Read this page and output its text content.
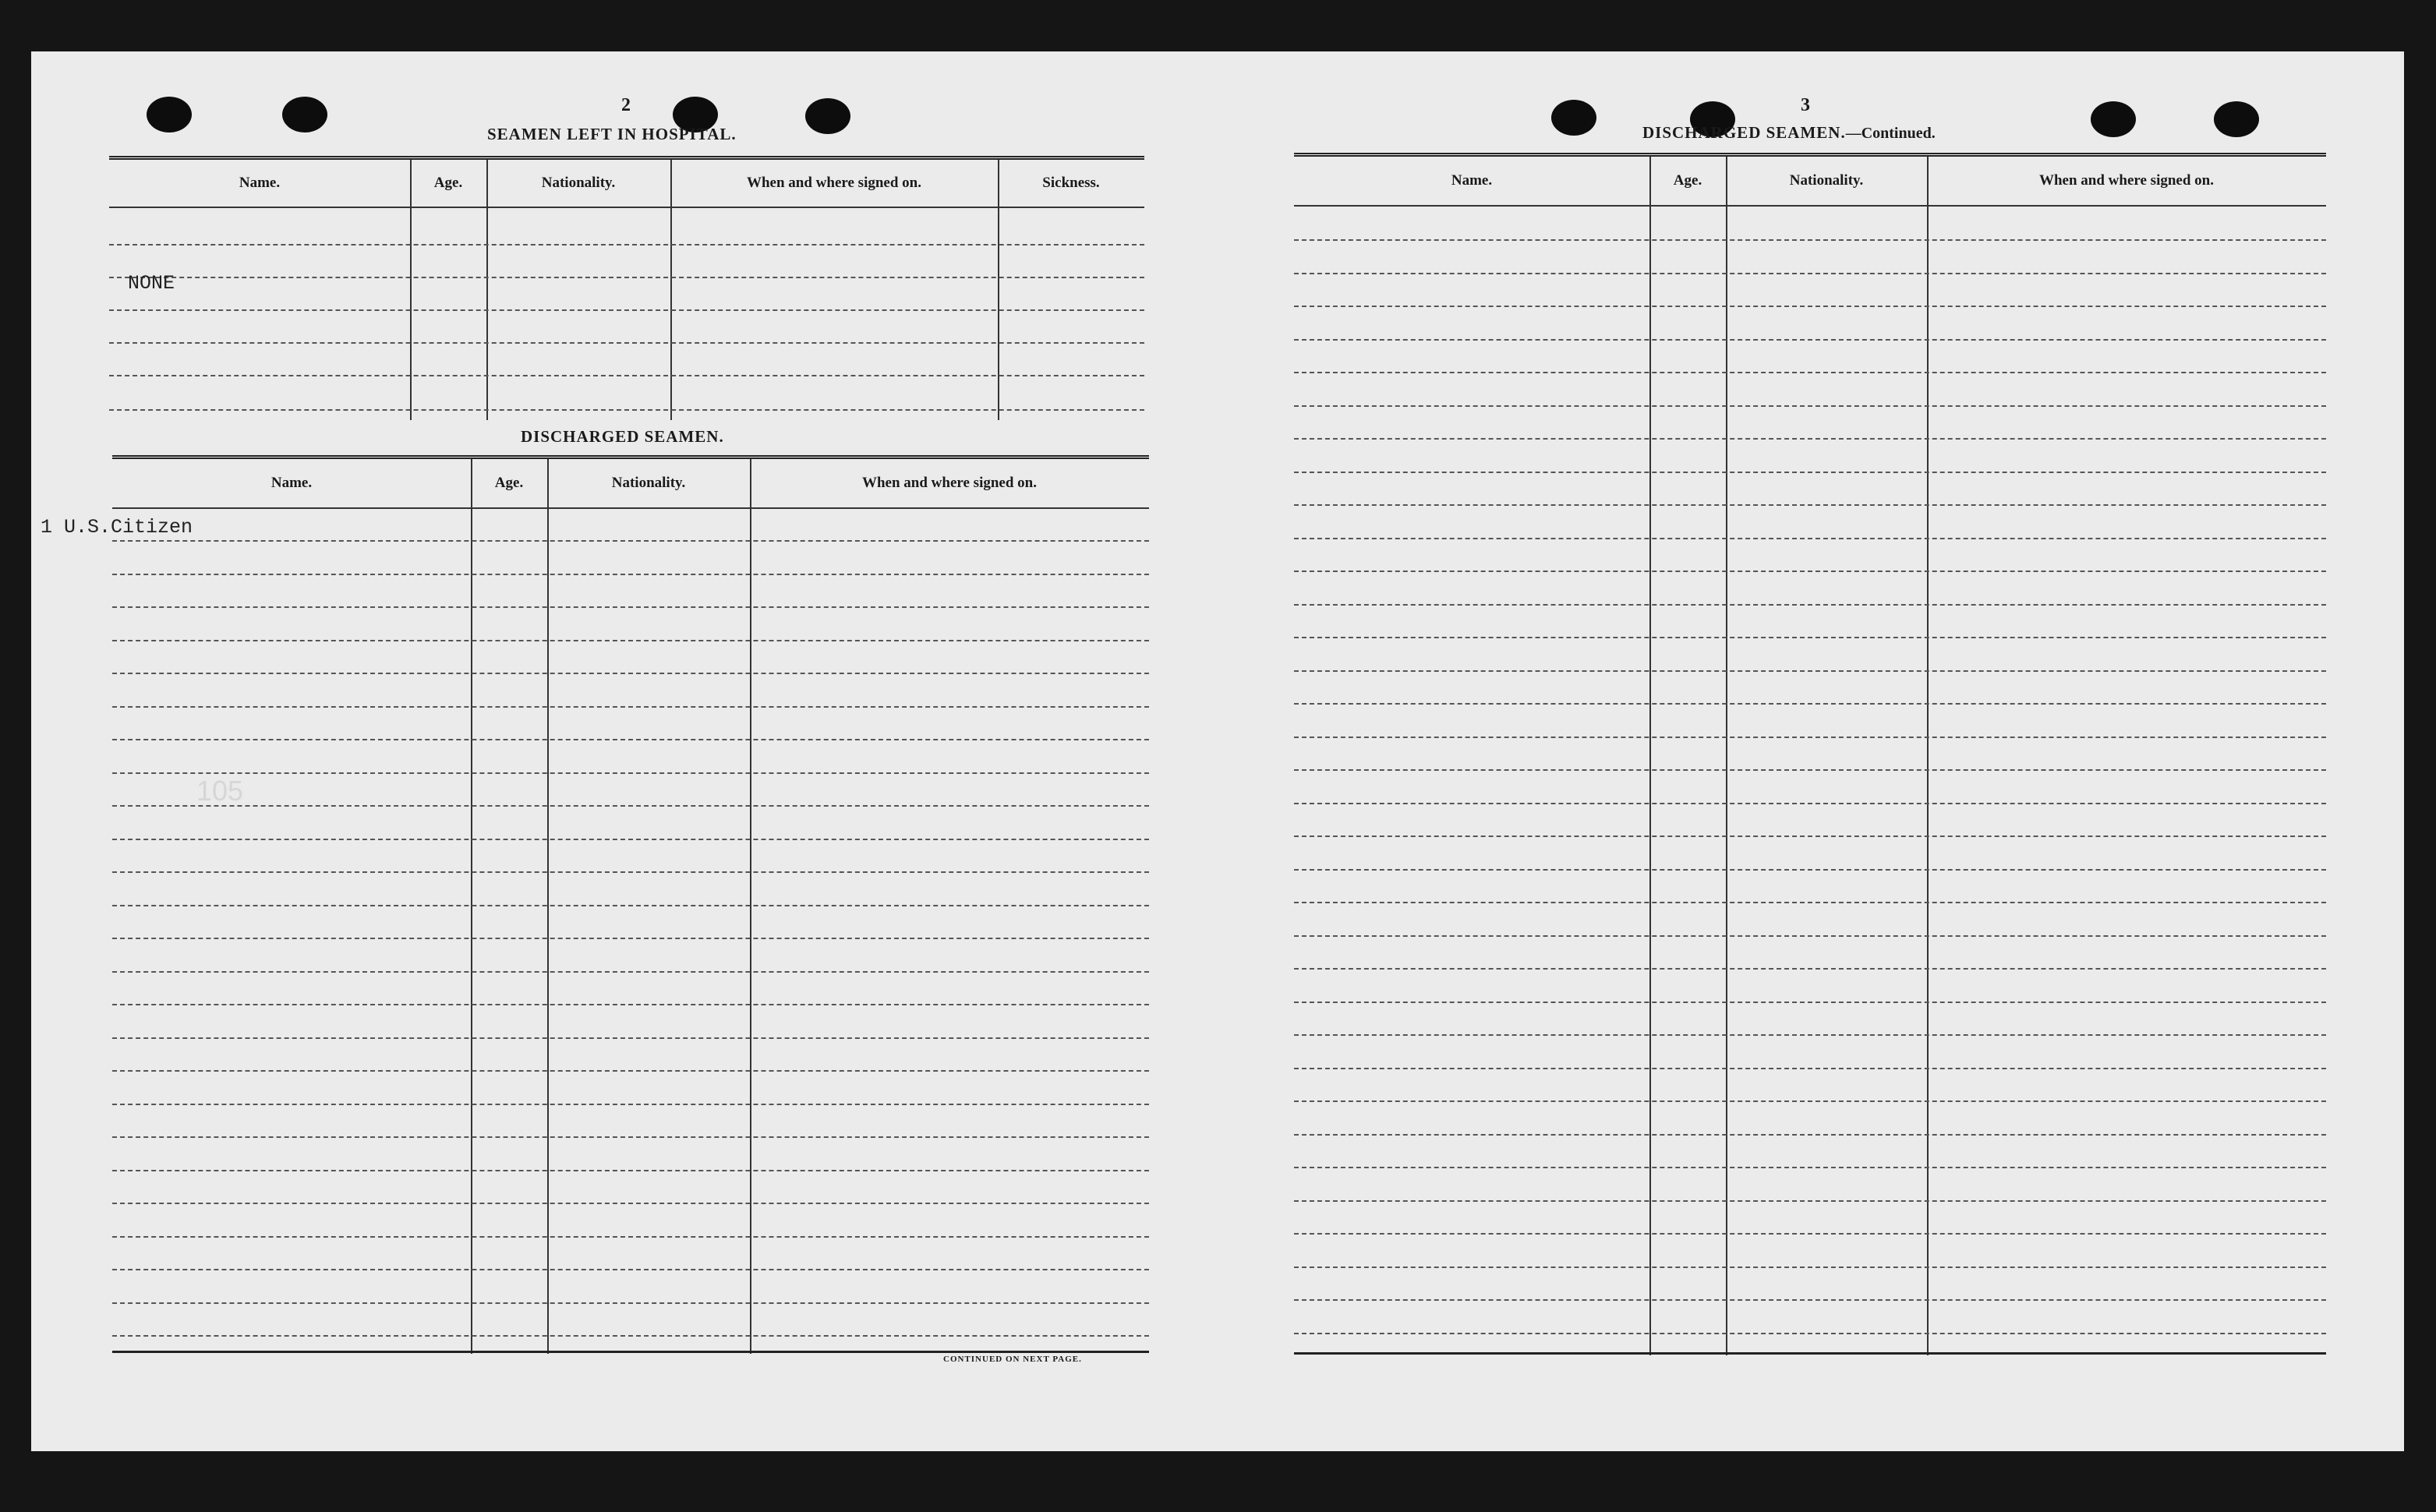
105
2
SEAMEN LEFT IN HOSPITAL.
Name.	Age.	Nationality.	When and where signed on.	Sickness.
NONE
DISCHARGED SEAMEN.
Name.	Age.	Nationality.	When and where signed on.
1 U.S.Citizen
CONTINUED ON NEXT PAGE.
3
DISCHARGED SEAMEN.—Continued.
Name.	Age.	Nationality.	When and where signed on.
